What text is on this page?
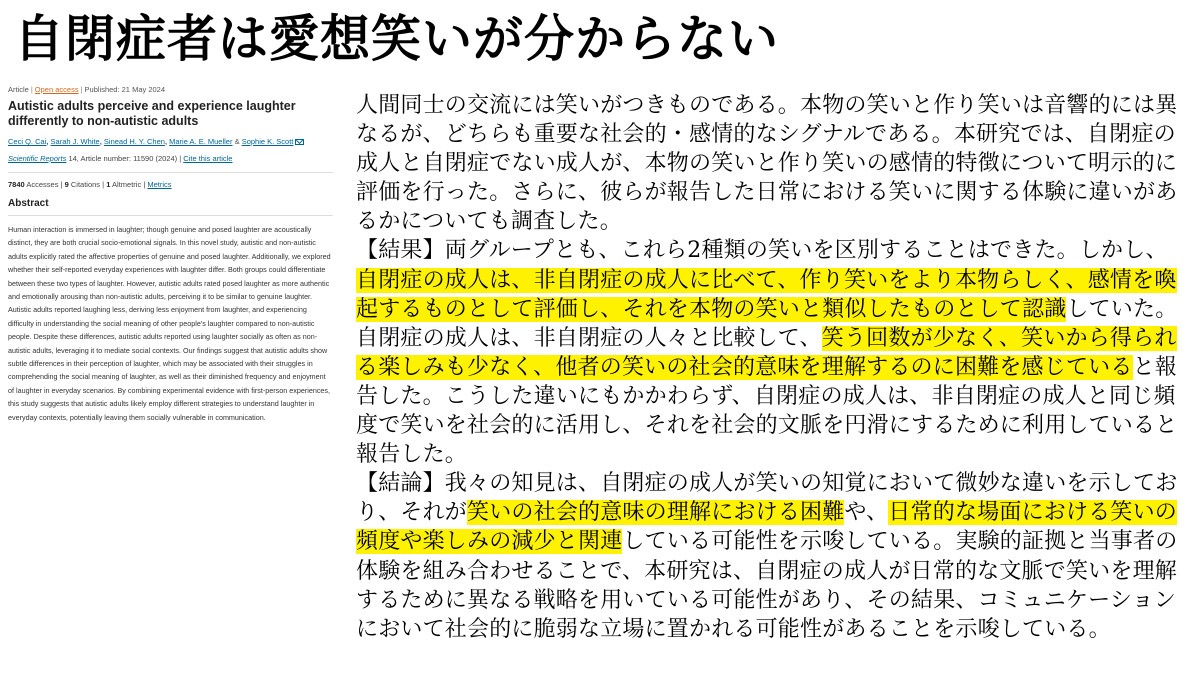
自閉症者は愛想笑いが分からない
Article | Open access | Published: 21 May 2024
Autistic adults perceive and experience laughter differently to non-autistic adults
Ceci Q. Cai, Sarah J. White, Sinead H. Y. Chen, Marie A. E. Mueller & Sophie K. Scott
Scientific Reports 14, Article number: 11590 (2024) | Cite this article
7840 Accesses | 9 Citations | 1 Altmetric | Metrics
Abstract
Human interaction is immersed in laughter; though genuine and posed laughter are acoustically distinct, they are both crucial socio-emotional signals. In this novel study, autistic and non-autistic adults explicitly rated the affective properties of genuine and posed laughter. Additionally, we explored whether their self-reported everyday experiences with laughter differ. Both groups could differentiate between these two types of laughter. However, autistic adults rated posed laughter as more authentic and emotionally arousing than non-autistic adults, perceiving it to be similar to genuine laughter. Autistic adults reported laughing less, deriving less enjoyment from laughter, and experiencing difficulty in understanding the social meaning of other people's laughter compared to non-autistic people. Despite these differences, autistic adults reported using laughter socially as often as non-autistic adults, leveraging it to mediate social contexts. Our findings suggest that autistic adults show subtle differences in their perception of laughter, which may be associated with their struggles in comprehending the social meaning of laughter, as well as their diminished frequency and enjoyment of laughter in everyday scenarios. By combining experimental evidence with first-person experiences, this study suggests that autistic adults likely employ different strategies to understand laughter in everyday contexts, potentially leaving them socially vulnerable in communication.

人間同士の交流には笑いがつきものである。本物の笑いと作り笑いは音響的には異なるが、どちらも重要な社会的・感情的なシグナルである。本研究では、自閉症の成人と自閉症でない成人が、本物の笑いと作り笑いの感情的特徴について明示的に評価を行った。さらに、彼らが報告した日常における笑いに関する体験に違いがあるかについても調査した。

【結果】両グループとも、これら2種類の笑いを区別することはできた。しかし、自閉症の成人は、非自閉症の成人に比べて、作り笑いをより本物らしく、感情を喚起するものとして評価し、それを本物の笑いと類似したものとして認識していた。自閉症の成人は、非自閉症の人々と比較して、笑う回数が少なく、笑いから得られる楽しみも少なく、他者の笑いの社会的意味を理解するのに困難を感じていると報告した。こうした違いにもかかわらず、自閉症の成人は、非自閉症の成人と同じ頻度で笑いを社会的に活用し、それを社会的文脈を円滑にするために利用していると報告した。

【結論】我々の知見は、自閉症の成人が笑いの知覚において微妙な違いを示しており、それが笑いの社会的意味の理解における困難や、日常的な場面における笑いの頻度や楽しみの減少と関連している可能性を示唆している。実験的証拠と当事者の体験を組み合わせることで、本研究は、自閉症の成人が日常的な文脈で笑いを理解するために異なる戦略を用いている可能性があり、その結果、コミュニケーションにおいて社会的に脆弱な立場に置かれる可能性があることを示唆している。
